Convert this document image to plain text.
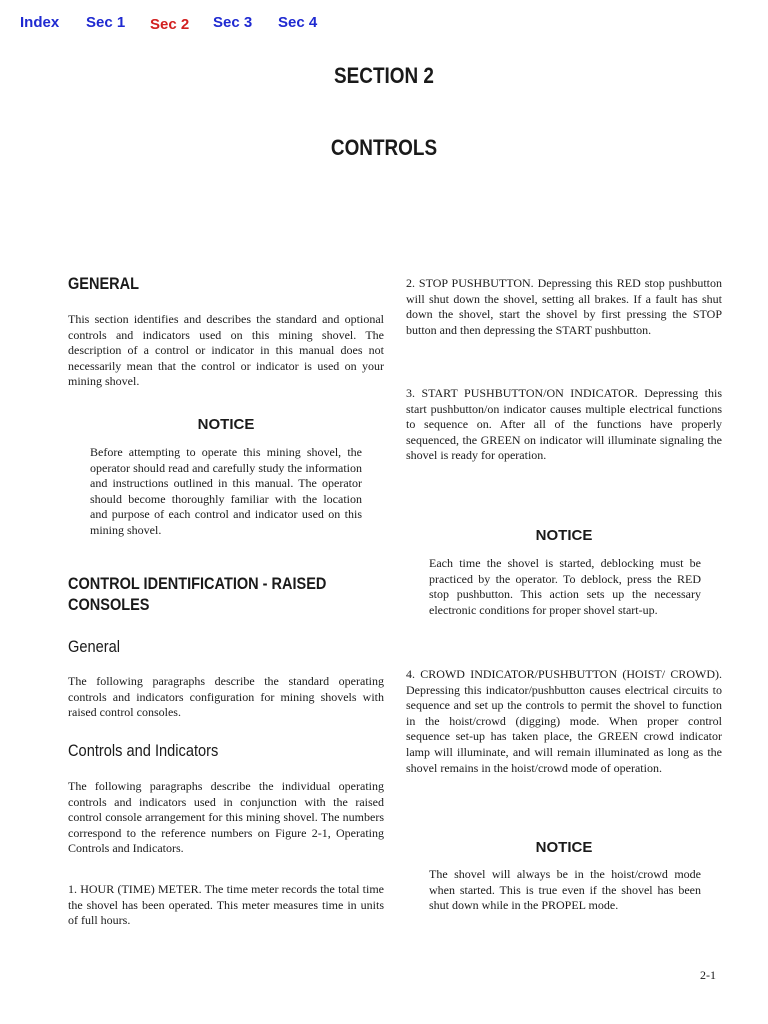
Index Sec 1 Sec 2 Sec 3 Sec 4
SECTION 2
CONTROLS
GENERAL

This section identifies and describes the standard and optional controls and indicators used on this mining shovel. The description of a control or indicator in this manual does not necessarily mean that the control or indicator is used on your mining shovel.

NOTICE

Before attempting to operate this mining shovel, the operator should read and carefully study the information and instructions outlined in this manual. The operator should become thoroughly familiar with the location and purpose of each control and indicator used on this mining shovel.

CONTROL IDENTIFICATION - RAISED CONSOLES
General

The following paragraphs describe the standard operating controls and indicators configuration for mining shovels with raised control consoles.

Controls and Indicators

The following paragraphs describe the individual operating controls and indicators used in conjunction with the raised control console arrangement for this mining shovel. The numbers correspond to the reference numbers on Figure 2-1, Operating Controls and Indicators.

1. HOUR (TIME) METER. The time meter records the total time the shovel has been operated. This meter measures time in units of full hours.

2. STOP PUSHBUTTON. Depressing this RED stop pushbutton will shut down the shovel, setting all brakes. If a fault has shut down the shovel, start the shovel by first pressing the STOP button and then depressing the START pushbutton.

3. START PUSHBUTTON/ON INDICATOR. Depressing this start pushbutton/on indicator causes multiple electrical functions to sequence on. After all of the functions have properly sequenced, the GREEN on indicator will illuminate signaling the shovel is ready for operation.

NOTICE

Each time the shovel is started, deblocking must be practiced by the operator. To deblock, press the RED stop pushbutton. This action sets up the necessary electronic conditions for proper shovel start-up.

4. CROWD INDICATOR/PUSHBUTTON (HOIST/ CROWD). Depressing this indicator/pushbutton causes electrical circuits to sequence and set up the controls to permit the shovel to function in the hoist/crowd (digging) mode. When proper control sequence set-up has taken place, the GREEN crowd indicator lamp will illuminate, and will remain illuminated as long as the shovel remains in the hoist/crowd mode of operation.

NOTICE

The shovel will always be in the hoist/crowd mode when started. This is true even if the shovel has been shut down while in the PROPEL mode.

2-1
